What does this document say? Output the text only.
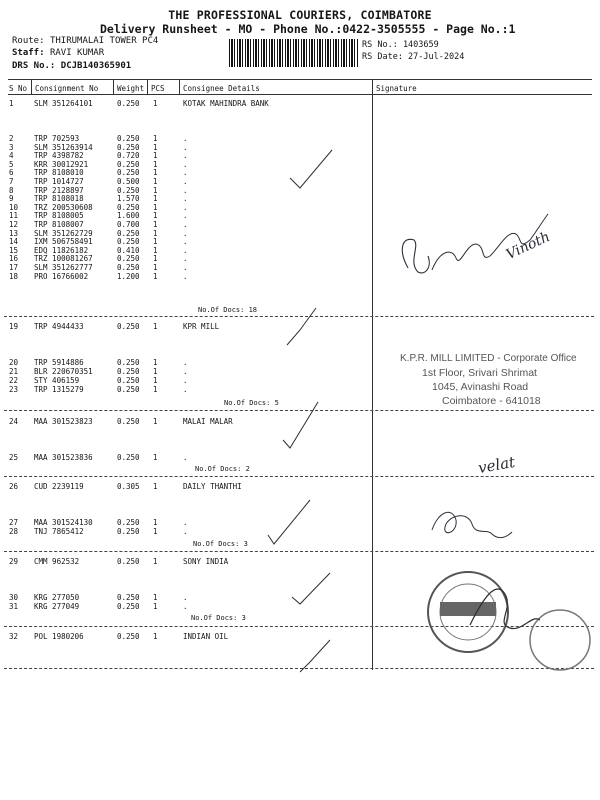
THE PROFESSIONAL COURIERS, COIMBATORE
Delivery Runsheet - MO - Phone No.:0422-3505555 - Page No.:1
Route: THIRUMALAI TOWER PC4
Staff: RAVI KUMAR
DRS No.: DCJB140365901
RS No.: 1403659
RS Date: 27-Jul-2024
S No Consignment No	Weight PCS Consignee Details	Signature
1	SLM 351264101	0.250 1	KOTAK MAHINDRA BANK
2	TRP 702593	0.250 1	.
3	SLM 351263914	0.250 1	.
4	TRP 4398782	0.720 1	.
5	KRR 30012921	0.250 1	.
6	TRP 8108010	0.250 1	.
7	TRP 1014727	0.500 1	.
8	TRP 2128897	0.250 1	.
9	TRP 8108018	1.570 1	.
10 TRZ 200530608	0.250 1	.
11 TRP 8108005	1.600 1	.
12 TRP 8108007	0.700 1	.
13 SLM 351262729	0.250 1	.
14 IXM 506758491	0.250 1	.
15 EDQ 11826182	0.410 1	.
16 TRZ 100081267	0.250 1	.
17 SLM 351262777	0.250 1	.
18 PRO 16766002	1.200 1	.
No.Of Docs: 18
19 TRP 4944433	0.250 1	KPR MILL
20 TRP 5914886	0.250 1	.
21 BLR 220670351	0.250 1	.
22 STY 406159	0.250 1	.
23 TRP 1315279	0.250 1	.
No.Of Docs: 5
24 MAA 301523823	0.250 1	MALAI MALAR
25 MAA 301523836	0.250 1	.
No.Of Docs: 2
26 CUD 2239119	0.305 1	DAILY THANTHI
27 MAA 301524130	0.250 1	.
28 TNJ 7865412	0.250 1	.
No.Of Docs: 3
29 CMM 962532	0.250 1	SONY INDIA
30 KRG 277050	0.250 1	.
31 KRG 277049	0.250 1	.
No.Of Docs: 3
32 POL 1980206	0.250 1	INDIAN OIL
Vinoth
velat
K.P.R. MILL LIMITED - Corporate Office
1st Floor, Srivari Shrimat
1045, Avinashi Road
Coimbatore - 641018
